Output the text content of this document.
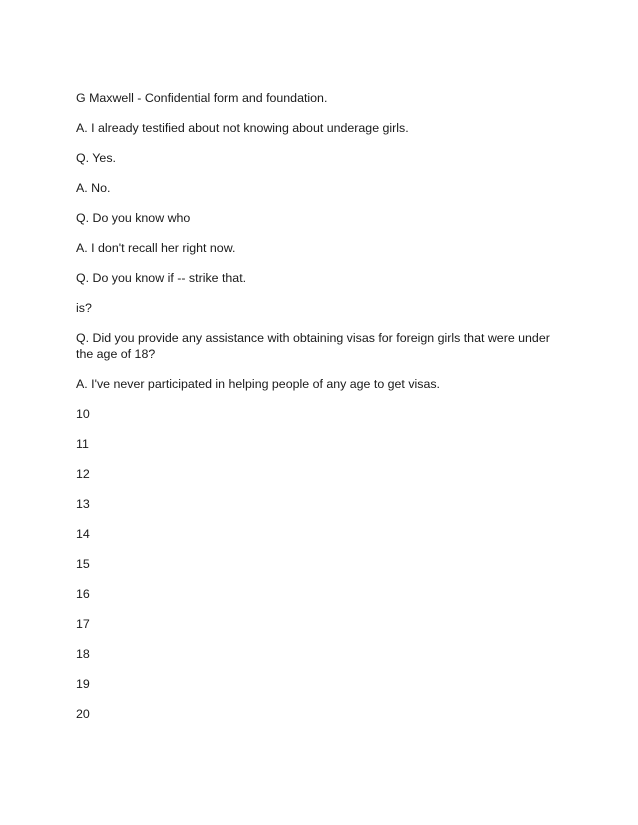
G Maxwell - Confidential form and foundation.

A. I already testified about not knowing about underage girls.

Q. Yes.

A. No.

Q. Do you know who

A. I don't recall her right now.

Q. Do you know if -- strike that.

is?

Q. Did you provide any assistance with obtaining visas for foreign girls that were under the age of 18?

A. I've never participated in helping people of any age to get visas.

10

11

12

13

14

15

16

17

18

19

20
